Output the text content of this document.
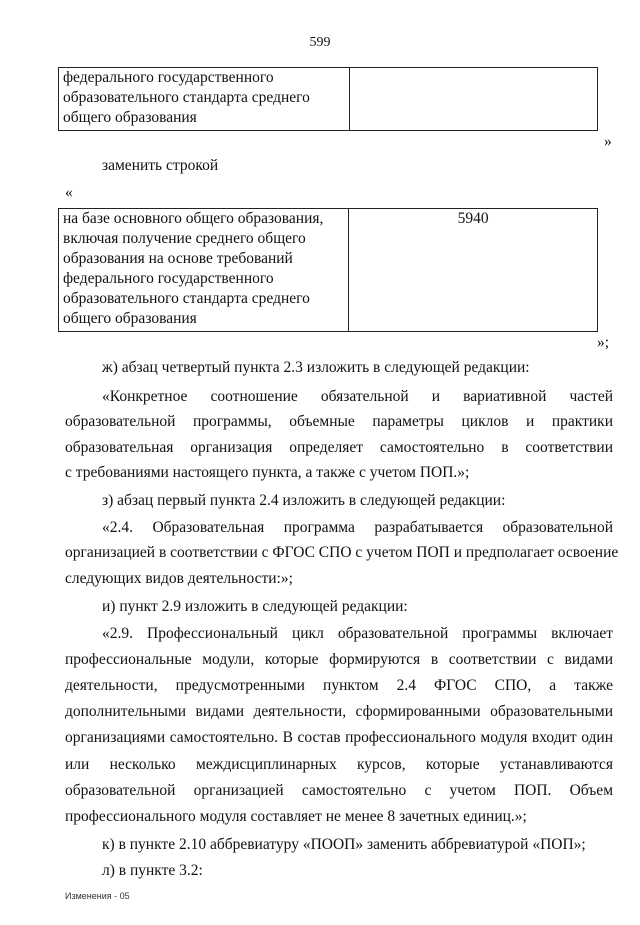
599
федерального государственного
образовательного стандарта среднего
общего образования

»
заменить строкой
«
на базе основного общего образования,
включая получение среднего общего
образования на основе требований
федерального государственного
образовательного стандарта среднего
общего образования
	5940
»;
ж) абзац четвертый пункта 2.3 изложить в следующей редакции:
«Конкретное соотношение обязательной и вариативной частей
образовательной программы, объемные параметры циклов и практики
образовательная организация определяет самостоятельно в соответствии
с требованиями настоящего пункта, а также с учетом ПОП.»;
з) абзац первый пункта 2.4 изложить в следующей редакции:
«2.4. Образовательная программа разрабатывается образовательной
организацией в соответствии с ФГОС СПО с учетом ПОП и предполагает освоение
следующих видов деятельности:»;
и) пункт 2.9 изложить в следующей редакции:
«2.9. Профессиональный цикл образовательной программы включает
профессиональные модули, которые формируются в соответствии с видами
деятельности, предусмотренными пунктом 2.4 ФГОС СПО, а также
дополнительными видами деятельности, сформированными образовательными
организациями самостоятельно. В состав профессионального модуля входит один
или несколько междисциплинарных курсов, которые устанавливаются
образовательной организацией самостоятельно с учетом ПОП. Объем
профессионального модуля составляет не менее 8 зачетных единиц.»;
к) в пункте 2.10 аббревиатуру «ПООП» заменить аббревиатурой «ПОП»;
л) в пункте 3.2:
Изменения - 05
